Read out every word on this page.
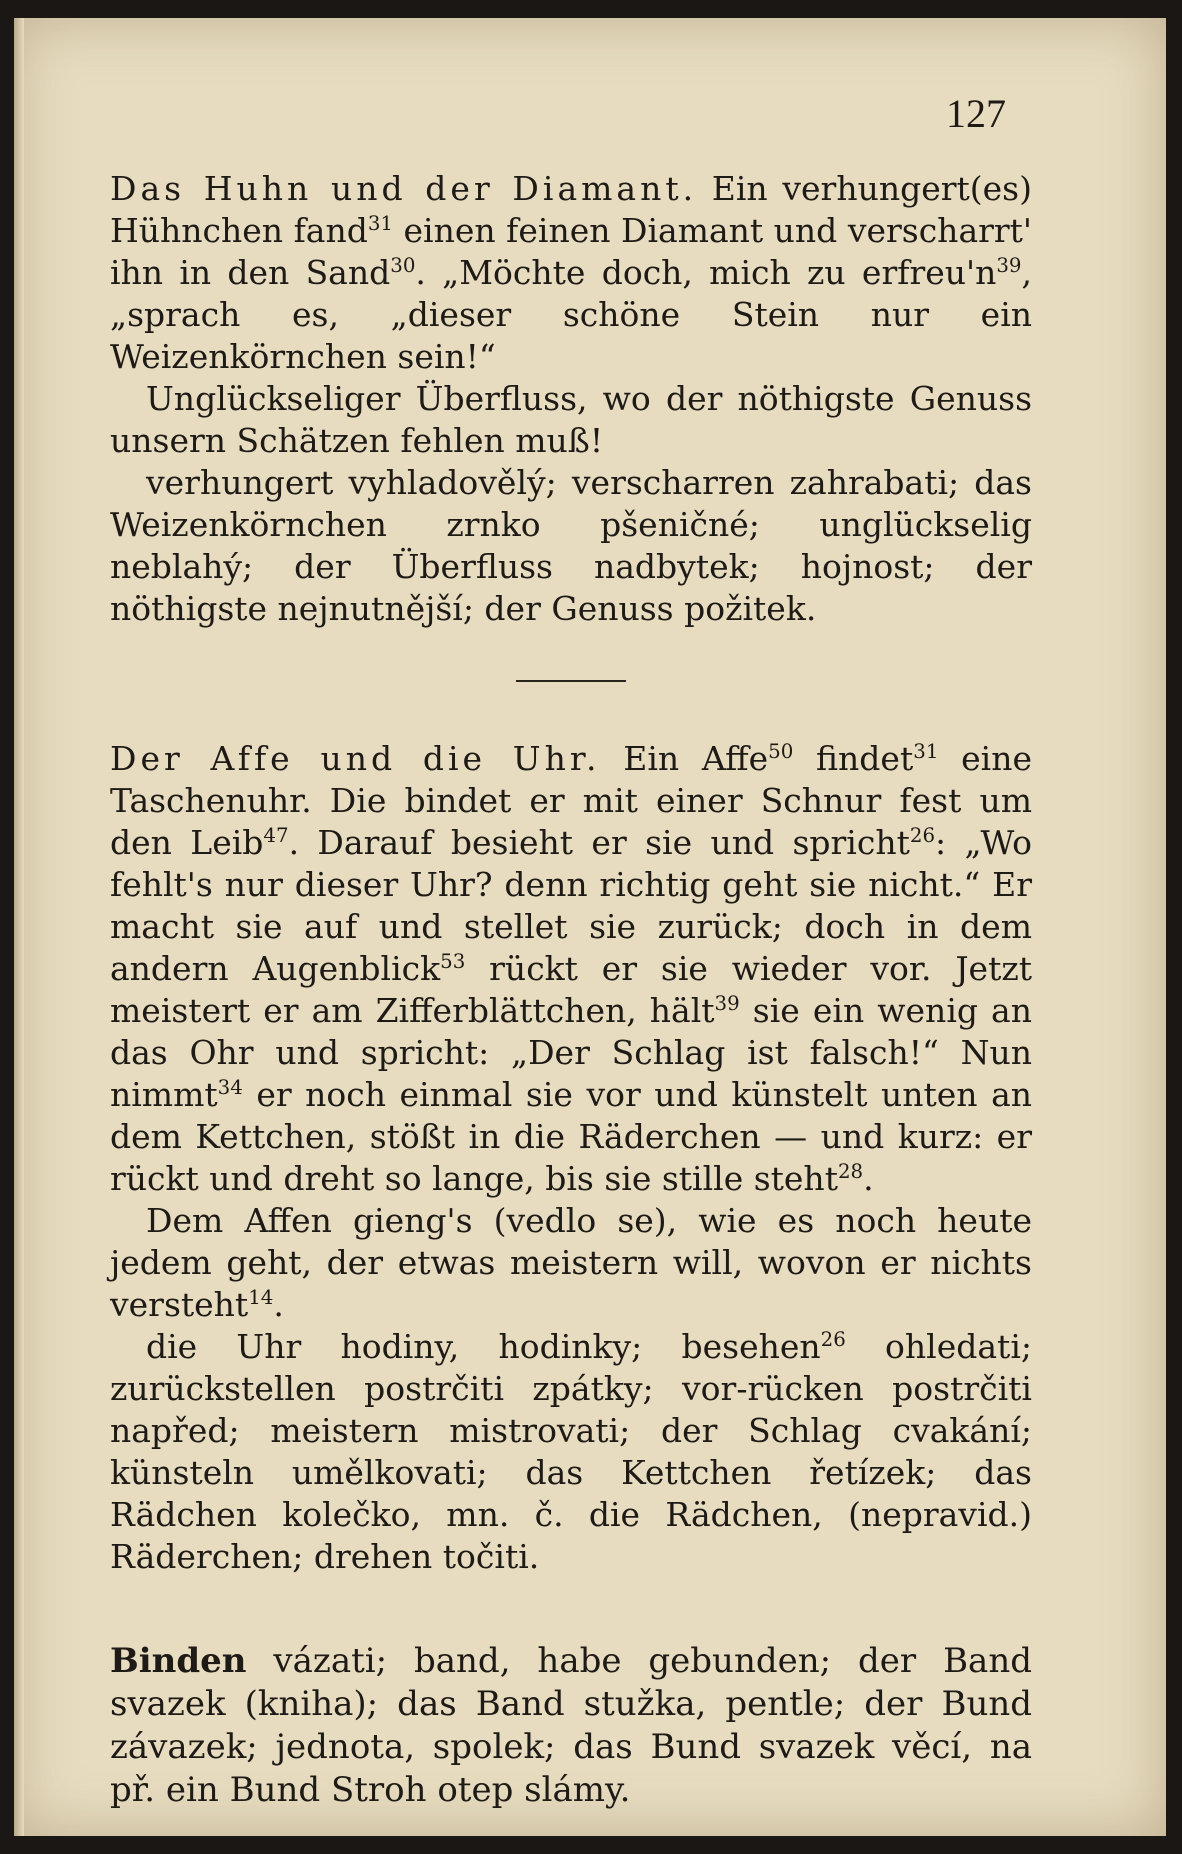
127

Das Huhn und der Diamant. Ein verhungert(es) Hühnchen fand$^{31}$ einen feinen Diamant und verscharrt' ihn in den Sand$^{30}$. „Möchte doch, mich zu $erfreu'n^{39}$, „sprach es, „dieser schöne Stein nur ein Weizenkörnchen sein!“

Unglückseliger Überfluss, wo der nöthigste Genuss unsern Schätzen fehlen muß!

verhungert vyhladovělý; verscharren zahrabati; das Weizenkörnchen zrnko pšeničné; unglückselig neblahý; der Überfluss nadbytek; hojnost; der nöthigste nejnutnější; der Genuss požitek.

Der Affe und die Uhr. Ein Affe$^{50}$ findet$^{31}$ eine Taschenuhr. Die bindet er mit einer Schnur fest um den Leib$^{47}$. Darauf besieht er sie und spricht$^{26}$: „Wo fehlt's nur dieser Uhr? denn richtig geht sie nicht.“ Er macht sie auf und stellet sie zurück; doch in dem andern Augenblick$^{53}$ rückt er sie wieder vor. Jetzt meistert er am Zifferblättchen, hält$^{39}$ sie ein wenig an das Ohr und spricht: „Der Schlag ist falsch!“ Nun nimmt$^{34}$ er noch einmal sie vor und künstelt unten an dem Kettchen, stößt in die Räderchen — und kurz: er rückt und dreht so lange, bis sie stille steht$^{28}$.

Dem Affen gieng's (vedlo se), wie es noch heute jedem geht, der etwas meistern will, wovon er nichts versteht$^{14}$.

die Uhr hodiny, hodinky; besehen$^{26}$ ohledati; zurückstellen postrčiti zpátky; vor-rücken postrčiti napřed; meistern mistrovati; der Schlag cvakání; künsteln umělkovati; das Kettchen řetízek; das Rädchen kolečko, mn. č. die Rädchen, (nepravid.) Räderchen; drehen točiti.

Binden vázati; band, habe gebunden; der Band svazek (kniha); das Band stužka, pentle; der Bund závazek; jednota, spolek; das Bund svazek věcí, na př. ein Bund Stroh otep slámy.
